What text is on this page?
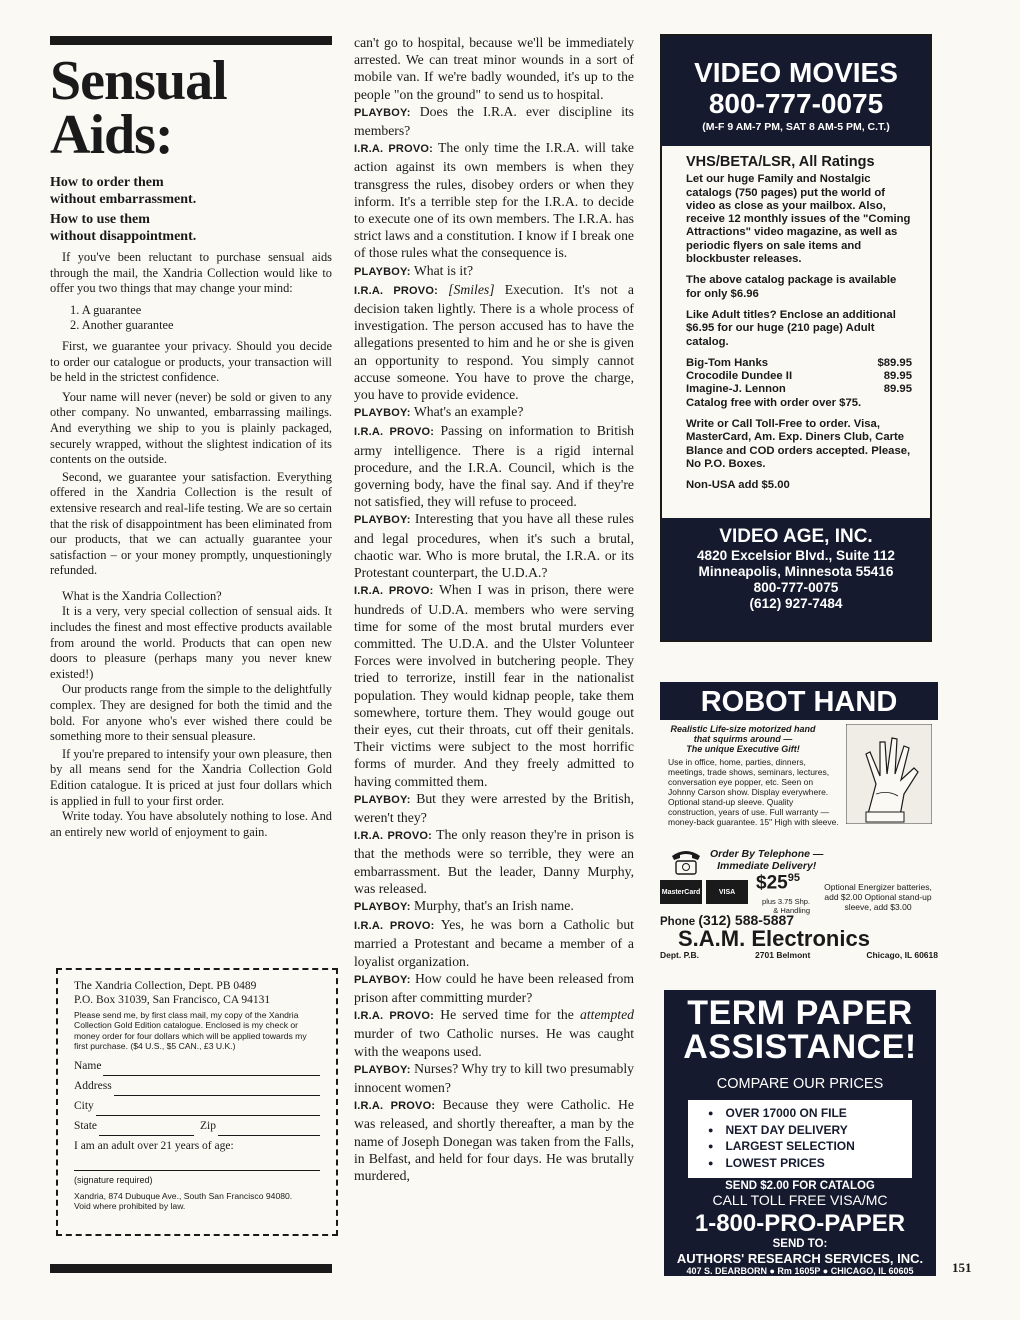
Sensual
Aids:

How to order them
without embarrassment.

How to use them
without disappointment.

If you've been reluctant to purchase sensual aids through the mail, the Xandria Collection would like to offer you two things that may change your mind:

1. A guarantee

2. Another guarantee

First, we guarantee your privacy. Should you decide to order our catalogue or products, your transaction will be held in the strictest confidence.

Your name will never (never) be sold or given to any other company. No unwanted, embarrassing mailings. And everything we ship to you is plainly packaged, securely wrapped, without the slightest indication of its contents on the outside.

Second, we guarantee your satisfaction. Everything offered in the Xandria Collection is the result of extensive research and real-life testing. We are so certain that the risk of disappointment has been eliminated from our products, that we can actually guarantee your satisfaction – or your money promptly, unquestioningly refunded.

What is the Xandria Collection?

It is a very, very special collection of sensual aids. It includes the finest and most effective products available from around the world. Products that can open new doors to pleasure (perhaps many you never knew existed!)

Our products range from the simple to the delightfully complex. They are designed for both the timid and the bold. For anyone who's ever wished there could be something more to their sensual pleasure.

If you're prepared to intensify your own pleasure, then by all means send for the Xandria Collection Gold Edition catalogue. It is priced at just four dollars which is applied in full to your first order.

Write today. You have absolutely nothing to lose. And an entirely new world of enjoyment to gain.

The Xandria Collection, Dept. PB 0489

P.O. Box 31039, San Francisco, CA 94131

Please send me, by first class mail, my copy of the Xandria Collection Gold Edition catalogue. Enclosed is my check or money order for four dollars which will be applied towards my first purchase. ($4 U.S., $5 CAN., £3 U.K.)

Name
Address
City
State	Zip
I am an adult over 21 years of age:
(signature required)
Xandria, 874 Dubuque Ave., South San Francisco 94080.
Void where prohibited by law.

can't go to hospital, because we'll be immediately arrested. We can treat minor wounds in a sort of mobile van. If we're badly wounded, it's up to the people "on the ground" to send us to hospital.

PLAYBOY: Does the I.R.A. ever discipline its members?

I.R.A. PROVO: The only time the I.R.A. will take action against its own members is when they transgress the rules, disobey orders or when they inform. It's a terrible step for the I.R.A. to decide to execute one of its own members. The I.R.A. has strict laws and a constitution. I know if I break one of those rules what the consequence is.

PLAYBOY: What is it?

I.R.A. PROVO: [Smiles] Execution. It's not a decision taken lightly. There is a whole process of investigation. The person accused has to have the allegations presented to him and he or she is given an opportunity to respond. You simply cannot accuse someone. You have to prove the charge, you have to provide evidence.

PLAYBOY: What's an example?

I.R.A. PROVO: Passing on information to British army intelligence. There is a rigid internal procedure, and the I.R.A. Council, which is the governing body, have the final say. And if they're not satisfied, they will refuse to proceed.

PLAYBOY: Interesting that you have all these rules and legal procedures, when it's such a brutal, chaotic war. Who is more brutal, the I.R.A. or its Protestant counterpart, the U.D.A.?

I.R.A. PROVO: When I was in prison, there were hundreds of U.D.A. members who were serving time for some of the most brutal murders ever committed. The U.D.A. and the Ulster Volunteer Forces were involved in butchering people. They tried to terrorize, instill fear in the nationalist population. They would kidnap people, take them somewhere, torture them. They would gouge out their eyes, cut their throats, cut off their genitals. Their victims were subject to the most horrific forms of murder. And they freely admitted to having committed them.

PLAYBOY: But they were arrested by the British, weren't they?

I.R.A. PROVO: The only reason they're in prison is that the methods were so terrible, they were an embarrassment. But the leader, Danny Murphy, was released.

PLAYBOY: Murphy, that's an Irish name.

I.R.A. PROVO: Yes, he was born a Catholic but married a Protestant and became a member of a loyalist organization.

PLAYBOY: How could he have been released from prison after committing murder?

I.R.A. PROVO: He served time for the attempted murder of two Catholic nurses. He was caught with the weapons used.

PLAYBOY: Nurses? Why try to kill two presumably innocent women?

I.R.A. PROVO: Because they were Catholic. He was released, and shortly thereafter, a man by the name of Joseph Donegan was taken from the Falls, in Belfast, and held for four days. He was brutally murdered,

VIDEO MOVIES
800-777-0075
(M-F 9 AM-7 PM, SAT 8 AM-5 PM, C.T.)

VHS/BETA/LSR, All Ratings

Let our huge Family and Nostalgic catalogs (750 pages) put the world of video as close as your mailbox. Also, receive 12 monthly issues of the "Coming Attractions" video magazine, as well as periodic flyers on sale items and blockbuster releases.

The above catalog package is available for only $6.96

Like Adult titles? Enclose an additional $6.95 for our huge (210 page) Adult catalog.

Big-Tom Hanks	$89.95
Crocodile Dundee II	89.95
Imagine-J. Lennon	89.95
Catalog free with order over $75.

Write or Call Toll-Free to order. Visa, MasterCard, Am. Exp. Diners Club, Carte Blance and COD orders accepted. Please, No P.O. Boxes.

Non-USA add $5.00

VIDEO AGE, INC.
4820 Excelsior Blvd., Suite 112
Minneapolis, Minnesota 55416
800-777-0075
(612) 927-7484
ROBOT HAND
Realistic Life-size motorized hand
that squirms around —
The unique Executive Gift!
Use in office, home, parties, dinners, meetings, trade shows, seminars, lectures, conversation eye popper, etc. Seen on Johnny Carson show. Display everywhere. Optional stand-up sleeve. Quality construction, years of use. Full warranty — money-back guarantee. 15" High with sleeve.
Order By Telephone —
Immediate Delivery!
MasterCard	VISA	$\$25^{95}$
plus 3.75 Shp.
& Handling
Optional Energizer batteries, add $2.00 Optional stand-up sleeve, add $3.00
Phone (312) 588-5887
S.A.M. Electronics
Dept. P.B.	2701 Belmont	Chicago, IL 60618
TERM PAPER
ASSISTANCE!
COMPARE OUR PRICES
● OVER 17000 ON FILE
● NEXT DAY DELIVERY
● LARGEST SELECTION
● LOWEST PRICES
SEND $2.00 FOR CATALOG
CALL TOLL FREE VISA/MC
1-800-PRO-PAPER
SEND TO:
AUTHORS' RESEARCH SERVICES, INC.
407 S. DEARBORN ● Rm 1605P ● CHICAGO, IL 60605	151
